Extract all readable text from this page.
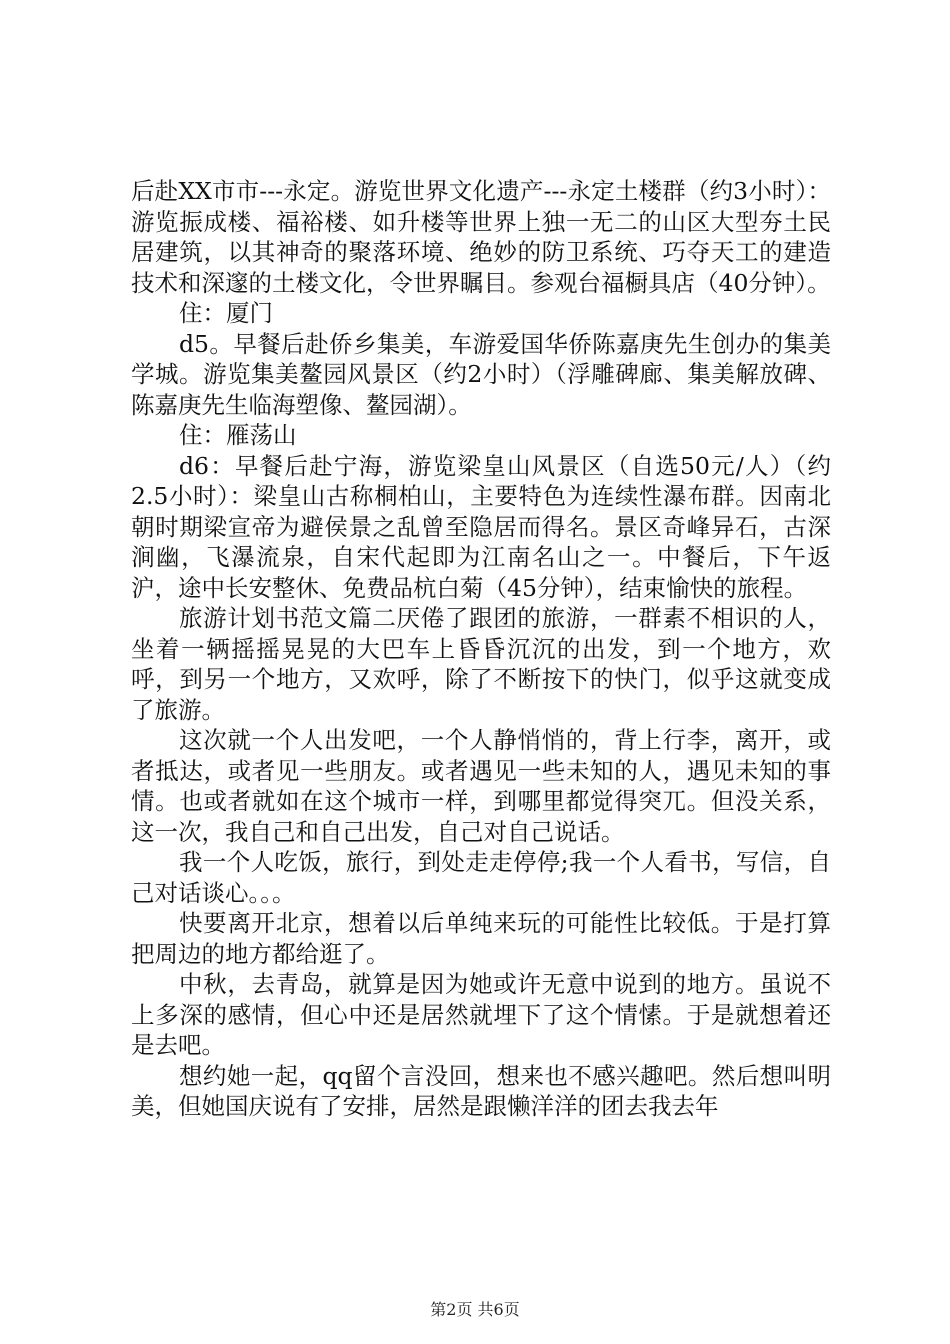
后赴XX市市---永定。游览世界文化遗产---永定土楼群（约3小时）：游览振成楼、福裕楼、如升楼等世界上独一无二的山区大型夯土民居建筑，以其神奇的聚落环境、绝妙的防卫系统、巧夺天工的建造技术和深邃的土楼文化，令世界瞩目。参观台福橱具店（40分钟）。

住：厦门

d5。早餐后赴侨乡集美，车游爱国华侨陈嘉庚先生创办的集美学城。游览集美鳌园风景区（约2小时）（浮雕碑廊、集美解放碑、陈嘉庚先生临海塑像、鳌园湖）。

住：雁荡山

d6：早餐后赴宁海，游览梁皇山风景区（自选50元/人）（约2.5小时）：梁皇山古称桐柏山，主要特色为连续性瀑布群。因南北朝时期梁宣帝为避侯景之乱曾至隐居而得名。景区奇峰异石，古深涧幽，飞瀑流泉，自宋代起即为江南名山之一。中餐后，下午返沪，途中长安整休、免费品杭白菊（45分钟），结束愉快的旅程。

旅游计划书范文篇二厌倦了跟团的旅游，一群素不相识的人，坐着一辆摇摇晃晃的大巴车上昏昏沉沉的出发，到一个地方，欢呼，到另一个地方，又欢呼，除了不断按下的快门，似乎这就变成了旅游。

这次就一个人出发吧，一个人静悄悄的，背上行李，离开，或者抵达，或者见一些朋友。或者遇见一些未知的人，遇见未知的事情。也或者就如在这个城市一样，到哪里都觉得突兀。但没关系，这一次，我自己和自己出发，自己对自己说话。

我一个人吃饭，旅行，到处走走停停;我一个人看书，写信，自己对话谈心。。。

快要离开北京，想着以后单纯来玩的可能性比较低。于是打算把周边的地方都给逛了。

中秋，去青岛，就算是因为她或许无意中说到的地方。虽说不上多深的感情，但心中还是居然就埋下了这个情愫。于是就想着还是去吧。

想约她一起，qq留个言没回，想来也不感兴趣吧。然后想叫明美，但她国庆说有了安排，居然是跟懒洋洋的团去我去年

第2页 共6页
